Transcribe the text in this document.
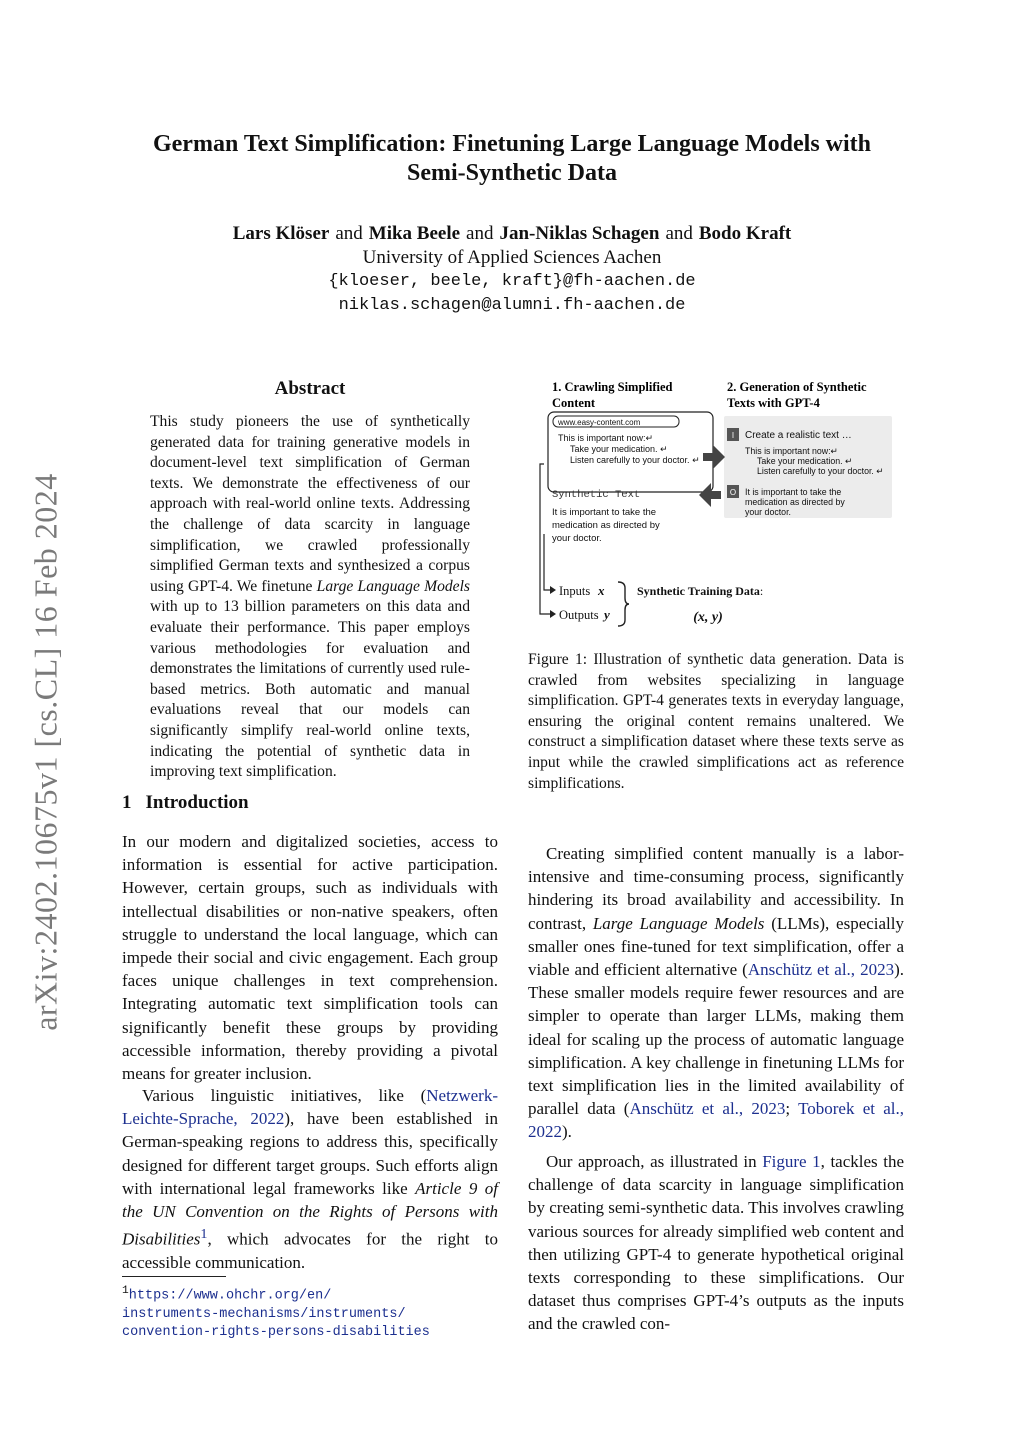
German Text Simplification: Finetuning Large Language Models with
Semi-Synthetic Data
Lars Klöser and Mika Beele and Jan-Niklas Schagen and Bodo Kraft
University of Applied Sciences Aachen
{kloeser, beele, kraft}@fh-aachen.de
niklas.schagen@alumni.fh-aachen.de
arXiv:2402.10675v1 [cs.CL] 16 Feb 2024
Abstract
This study pioneers the use of synthetically generated data for training generative models in document-level text simplification of German texts. We demonstrate the effectiveness of our approach with real-world online texts. Addressing the challenge of data scarcity in language simplification, we crawled professionally simplified German texts and synthesized a corpus using GPT-4. We finetune Large Language Models with up to 13 billion parameters on this data and evaluate their performance. This paper employs various methodologies for evaluation and demonstrates the limitations of currently used rule-based metrics. Both automatic and manual evaluations reveal that our models can significantly simplify real-world online texts, indicating the potential of synthetic data in improving text simplification.
1 Introduction
In our modern and digitalized societies, access to information is essential for active participation. However, certain groups, such as individuals with intellectual disabilities or non-native speakers, often struggle to understand the local language, which can impede their social and civic engagement. Each group faces unique challenges in text comprehension. Integrating automatic text simplification tools can significantly benefit these groups by providing accessible information, thereby providing a pivotal means for greater inclusion.
Various linguistic initiatives, like (Netzwerk-Leichte-Sprache, 2022), have been established in German-speaking regions to address this, specifically designed for different target groups. Such efforts align with international legal frameworks like Article 9 of the UN Convention on the Rights of Persons with Disabilities$^1$, which advocates for the right to accessible communication.
$^1$https://www.ohchr.org/en/
instruments-mechanisms/instruments/
convention-rights-persons-disabilities
1. Crawling Simplified
Content
2. Generation of Synthetic
Texts with GPT-4
www.easy-content.com
This is important now:↵
Take your medication. ↵
Listen carefully to your doctor. ↵
I Create a realistic text …
This is important now:↵
Take your medication. ↵
Listen carefully to your doctor. ↵
O It is important to take the
medication as directed by
your doctor.
Synthetic Text
It is important to take the
medication as directed by
your doctor.
Inputs x
Outputs y
Synthetic Training Data:
(x, y)
Figure 1: Illustration of synthetic data generation. Data is crawled from websites specializing in language simplification. GPT-4 generates texts in everyday language, ensuring the original content remains unaltered. We construct a simplification dataset where these texts serve as input while the crawled simplifications act as reference simplifications.
Creating simplified content manually is a labor-intensive and time-consuming process, significantly hindering its broad availability and accessibility. In contrast, Large Language Models (LLMs), especially smaller ones fine-tuned for text simplification, offer a viable and efficient alternative (Anschütz et al., 2023). These smaller models require fewer resources and are simpler to operate than larger LLMs, making them ideal for scaling up the process of automatic language simplification. A key challenge in finetuning LLMs for text simplification lies in the limited availability of parallel data (Anschütz et al., 2023; Toborek et al., 2022).
Our approach, as illustrated in Figure 1, tackles the challenge of data scarcity in language simplification by creating semi-synthetic data. This involves crawling various sources for already simplified web content and then utilizing GPT-4 to generate hypothetical original texts corresponding to these simplifications. Our dataset thus comprises GPT-4’s outputs as the inputs and the crawled con-
